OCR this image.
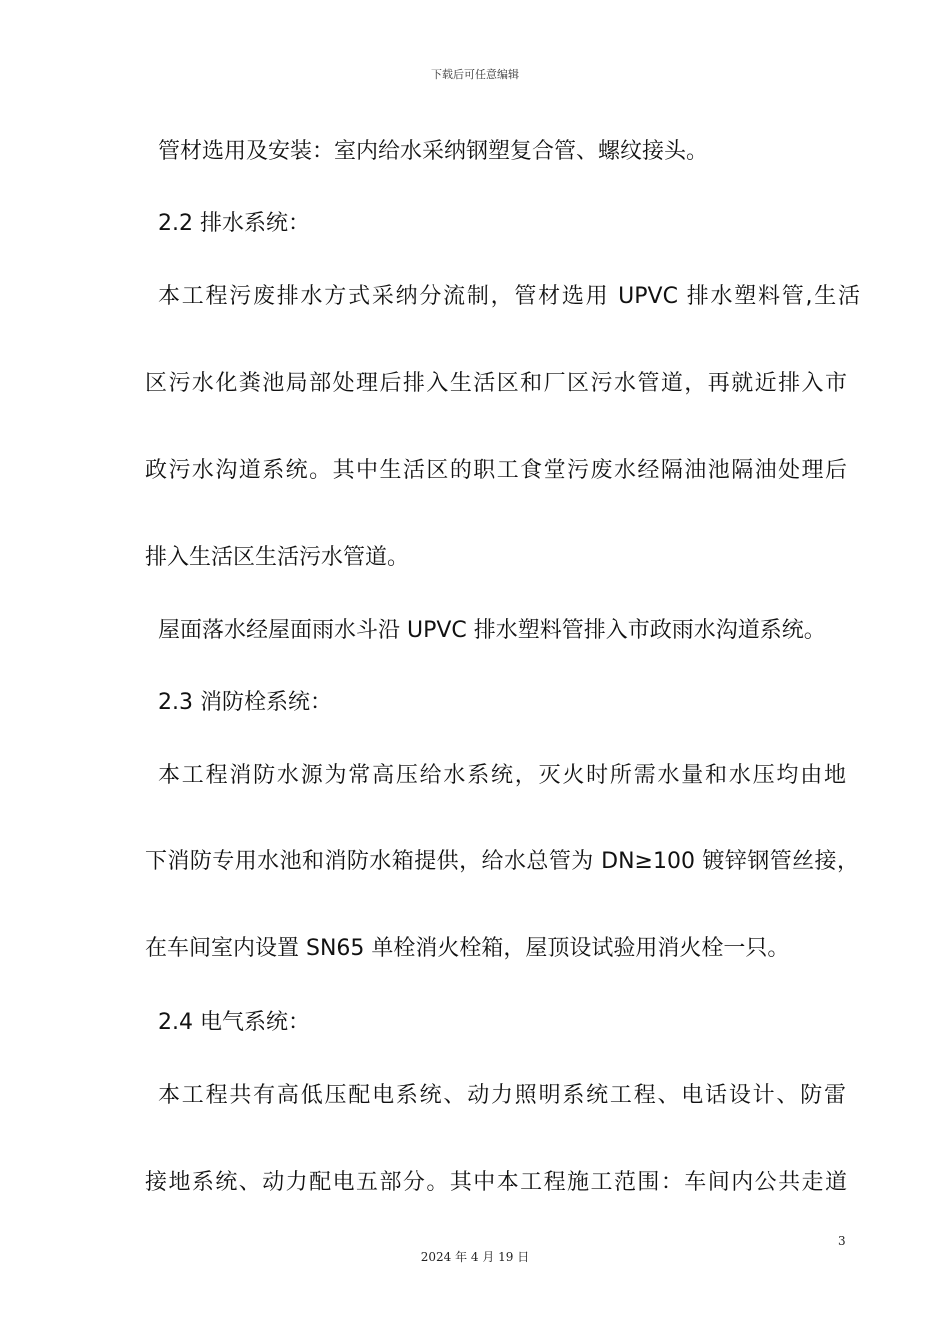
下载后可任意编辑
管材选用及安装：室内给水采纳钢塑复合管、螺纹接头。
2.2 排水系统：
本工程污废排水方式采纳分流制，管材选用 UPVC 排水塑料管,生活
区污水化粪池局部处理后排入生活区和厂区污水管道，再就近排入市
政污水沟道系统。其中生活区的职工食堂污废水经隔油池隔油处理后
排入生活区生活污水管道。
屋面落水经屋面雨水斗沿 UPVC 排水塑料管排入市政雨水沟道系统。
2.3 消防栓系统：
本工程消防水源为常高压给水系统，灭火时所需水量和水压均由地
下消防专用水池和消防水箱提供，给水总管为 DN≥100 镀锌钢管丝接，
在车间室内设置 SN65 单栓消火栓箱，屋顶设试验用消火栓一只。
2.4 电气系统：
本工程共有高低压配电系统、动力照明系统工程、电话设计、防雷
接地系统、动力配电五部分。其中本工程施工范围：车间内公共走道
3
2024 年 4 月 19 日
